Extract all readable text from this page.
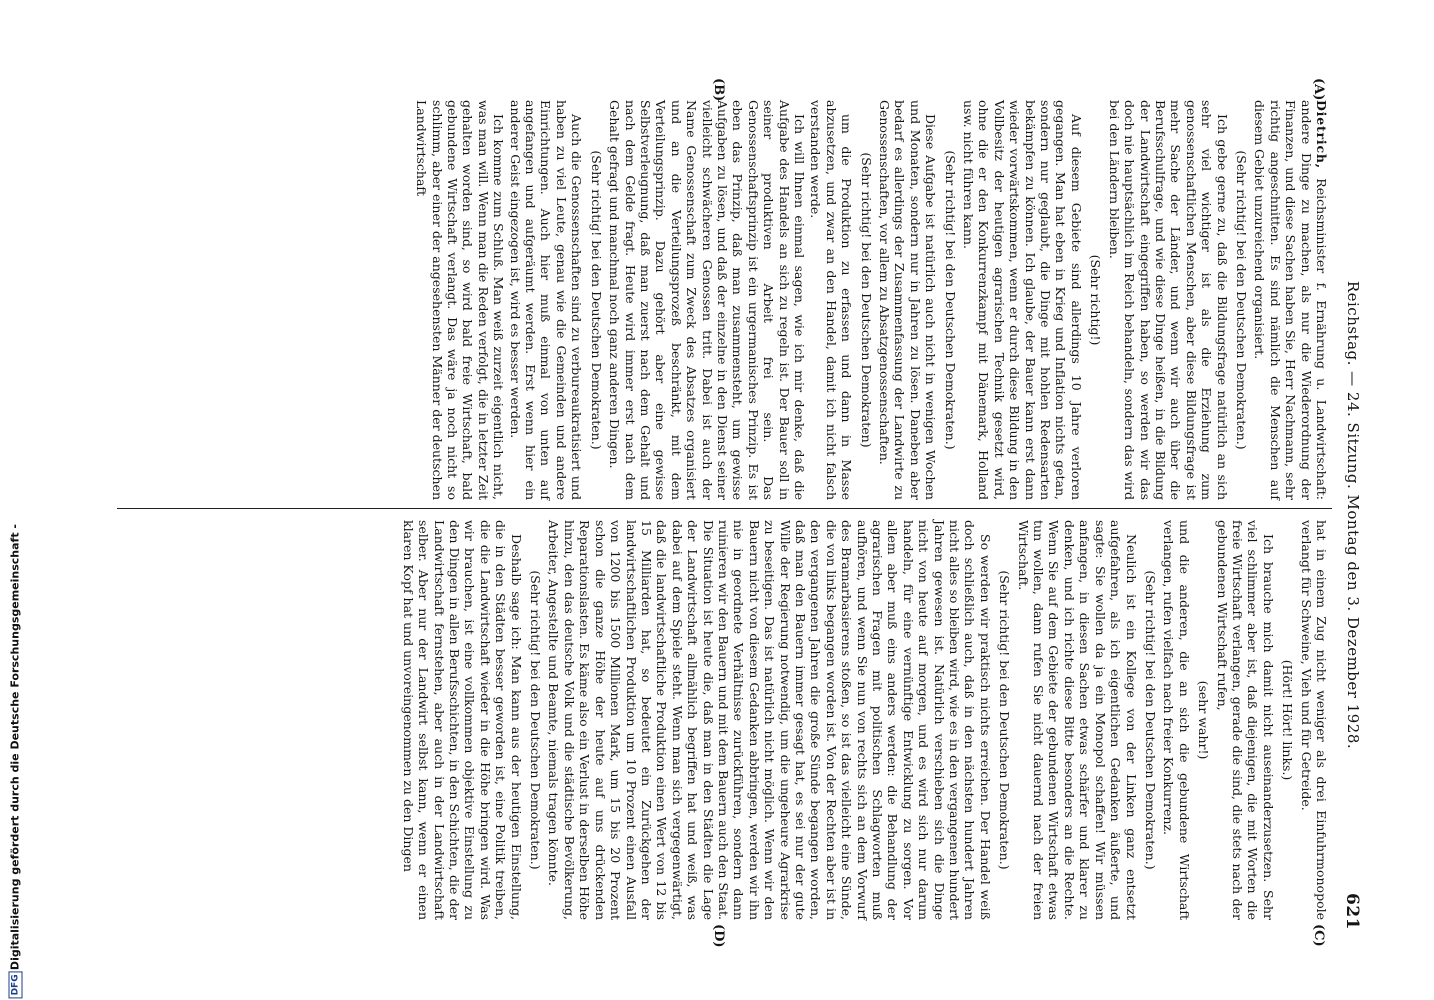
Reichstag. — 24. Sitzung. Montag den 3. Dezember 1928.
621
(A)
(B)
(C)
(D)

Dietrich, Reichsminister f. Ernährung u. Landwirtschaft: andere Dinge zu machen, als nur die Wiederordnung der Finanzen, und diese Sachen haben Sie, Herr Nachmann, sehr richtig angeschnitten. Es sind nämlich die Menschen auf diesem Gebiet unzureichend organisiert.

(Sehr richtig! bei den Deutschen Demokraten.)

Ich gebe gerne zu, daß die Bildungsfrage natürlich an sich sehr viel wichtiger ist als die Erziehung zum genossenschaftlichen Menschen, aber diese Bildungsfrage ist mehr Sache der Länder, und wenn wir auch über die Berufsschulfrage, und wie diese Dinge heißen, in die Bildung der Landwirtschaft eingegriffen haben, so werden wir das doch nie hauptsächlich im Reich behandeln, sondern das wird bei den Ländern bleiben.

(Sehr richtig!)

Auf diesem Gebiete sind allerdings 10 Jahre verloren gegangen. Man hat eben in Krieg und Inflation nichts getan, sondern nur geglaubt, die Dinge mit hohlen Redensarten bekämpfen zu können. Ich glaube, der Bauer kann erst dann wieder vorwärtskommen, wenn er durch diese Bildung in den Vollbesitz der heutigen agrarischen Technik gesetzt wird, ohne die er den Konkurrenzkampf mit Dänemark, Holland usw. nicht führen kann.

(Sehr richtig! bei den Deutschen Demokraten.)

Diese Aufgabe ist natürlich auch nicht in wenigen Wochen und Monaten, sondern nur in Jahren zu lösen. Daneben aber bedarf es allerdings der Zusammenfassung der Landwirte zu Genossenschaften, vor allem zu Absatzgenossenschaften.

(Sehr richtig! bei den Deutschen Demokraten)

um die Produktion zu erfassen und dann in Masse abzusetzen, und zwar an den Handel, damit ich nicht falsch verstanden werde.

Ich will Ihnen einmal sagen, wie ich mir denke, daß die Aufgabe des Handels an sich zu regeln ist. Der Bauer soll in seiner produktiven Arbeit frei sein. Das Genossenschaftsprinzip ist ein urgermanisches Prinzip. Es ist eben das Prinzip, daß man zusammensteht, um gewisse Aufgaben zu lösen, und daß der einzelne in den Dienst seiner vielleicht schwächeren Genossen tritt. Dabei ist auch der Name Genossenschaft zum Zweck des Absatzes organisiert und an die Verteilungsprozeß beschränkt, mit dem Verteilungsprinzip. Dazu gehört aber eine gewisse Selbstverleugnung, daß man zuerst nach dem Gehalt und nach dem Gelde fragt. Heute wird immer erst nach dem Gehalt gefragt und manchmal noch ganz anderen Dingen.

(Sehr richtig! bei den Deutschen Demokraten.)

Auch die Genossenschaften sind zu verbureaukratisiert und haben zu viel Leute, genau wie die Gemeinden und andere Einrichtungen. Auch hier muß einmal von unten auf angefangen und aufgeräumt werden. Erst wenn hier ein anderer Geist eingezogen ist, wird es besser werden.

Ich komme zum Schluß. Man weiß zurzeit eigentlich nicht, was man will. Wenn man die Reden verfolgt, die in letzter Zeit gehalten worden sind, so wird bald freie Wirtschaft, bald gebundene Wirtschaft verlangt. Das wäre ja noch nicht so schlimm, aber einer der angesehensten Männer der deutschen Landwirtschaft

hat in einem Zug nicht weniger als drei Einfuhrmonopole verlangt für Schweine, Vieh und für Getreide.

(Hört! Hört! links.)

Ich brauche mich damit nicht auseinanderzusetzen. Sehr viel schlimmer aber ist, daß diejenigen, die mit Worten die freie Wirtschaft verlangen, gerade die sind, die stets nach der gebundenen Wirtschaft rufen,

(sehr wahr!)

und die anderen, die an sich die gebundene Wirtschaft verlangen, rufen vielfach nach freier Konkurrenz.

(Sehr richtig! bei den Deutschen Demokraten.)

Neulich ist ein Kollege von der Linken ganz entsetzt aufgefahren, als ich eigentlichen Gedanken äußerte, und sagte: Sie wollen da ja ein Monopol schaffen! Wir müssen anfangen, in diesen Sachen etwas schärfer und klarer zu denken, und ich richte diese Bitte besonders an die Rechte. Wenn Sie auf dem Gebiete der gebundenen Wirtschaft etwas tun wollen, dann rufen Sie nicht dauernd nach der freien Wirtschaft.

(Sehr richtig! bei den Deutschen Demokraten.)

So werden wir praktisch nichts erreichen. Der Handel weiß doch schließlich auch, daß in den nächsten hundert Jahren nicht alles so bleiben wird, wie es in den vergangenen hundert Jahren gewesen ist. Natürlich verschieben sich die Dinge nicht von heute auf morgen, und es wird sich nur darum handeln, für eine vernünftige Entwicklung zu sorgen. Vor allem aber muß eins anders werden: die Behandlung der agrarischen Fragen mit politischen Schlagworten muß aufhören, und wenn Sie nun von rechts sich an dem Vorwurf des Bramarbasierens stoßen, so ist das vielleicht eine Sünde, die von links begangen worden ist. Von der Rechten aber ist in den vergangenen Jahren die große Sünde begangen worden, daß man den Bauern immer gesagt hat, es sei nur der gute Wille der Regierung notwendig, um die ungeheure Agrarkrise zu beseitigen. Das ist natürlich nicht möglich. Wenn wir den Bauern nicht von diesem Gedanken abbringen, werden wir ihn nie in geordnete Verhältnisse zurückführen, sondern dann ruinieren wir den Bauern und mit dem Bauern auch den Staat. Die Situation ist heute die, daß man in den Städten die Lage der Landwirtschaft allmählich begriffen hat und weiß, was dabei auf dem Spiele steht. Wenn man sich vergegenwärtigt, daß die landwirtschaftliche Produktion einen Wert von 12 bis 15 Milliarden hat, so bedeutet ein Zurückgehen der landwirtschaftlichen Produktion um 10 Prozent einen Ausfall von 1200 bis 1500 Millionen Mark, um 15 bis 20 Prozent schon die ganze Höhe der heute auf uns drückenden Reparationslasten. Es käme also ein Verlust in derselben Höhe hinzu, den das deutsche Volk und die städtische Bevölkerung, Arbeiter, Angestellte und Beamte, niemals tragen könnte.

(Sehr richtig! bei den Deutschen Demokraten.)

Deshalb sage ich: Man kann aus der heutigen Einstellung, die in den Städten besser geworden ist, eine Politik treiben, die die Landwirtschaft wieder in die Höhe bringen wird. Was wir brauchen, ist eine vollkommen objektive Einstellung zu den Dingen in allen Berufsschichten, in den Schichten, die der Landwirtschaft fernstehen, aber auch in der Landwirtschaft selber. Aber nur der Landwirt selbst kann, wenn er einen klaren Kopf hat und unvoreingenommen zu den Dingen

DFG Digitalisierung gefördert durch die Deutsche Forschungsgemeinschaft -
